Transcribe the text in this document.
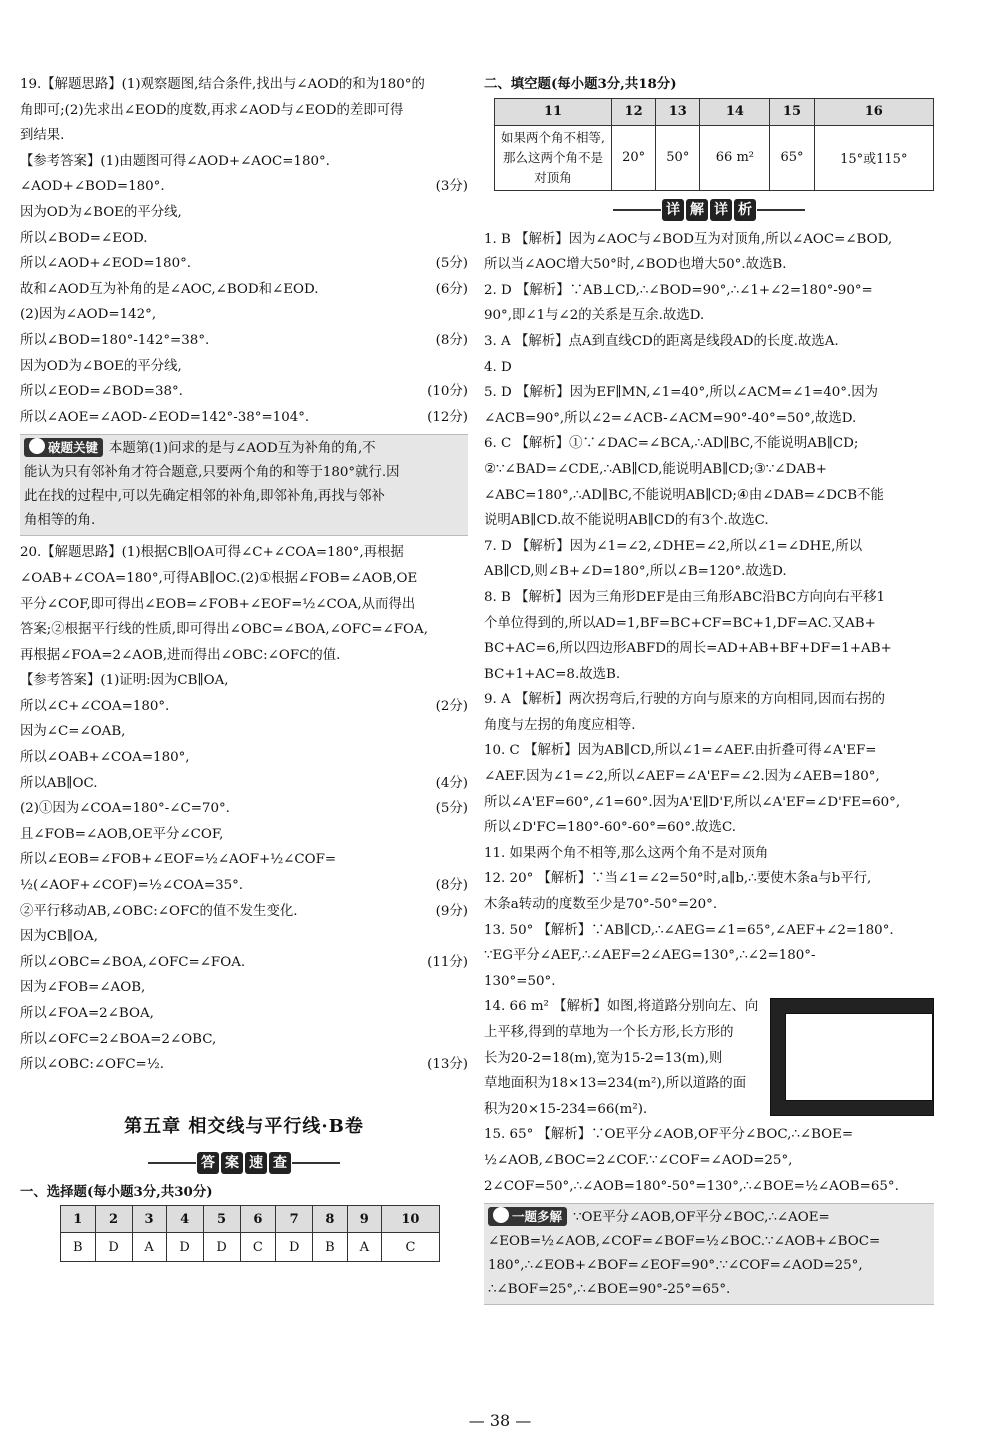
19.【解题思路】(1)观察题图,结合条件,找出与∠AOD的和为180°的
角即可;(2)先求出∠EOD的度数,再求∠AOD与∠EOD的差即可得
到结果.
【参考答案】(1)由题图可得∠AOD+∠AOC=180°.
∠AOD+∠BOD=180°.	(3分)
因为OD为∠BOE的平分线,
所以∠BOD=∠EOD.
所以∠AOD+∠EOD=180°.	(5分)
故和∠AOD互为补角的是∠AOC,∠BOD和∠EOD.	(6分)
(2)因为∠AOD=142°,
所以∠BOD=180°-142°=38°.	(8分)
因为OD为∠BOE的平分线,
所以∠EOD=∠BOD=38°.	(10分)
所以∠AOE=∠AOD-∠EOD=142°-38°=104°.	(12分)
破题关键 本题第(1)问求的是与∠AOD互为补角的角,不
能认为只有邻补角才符合题意,只要两个角的和等于180°就行.因
此在找的过程中,可以先确定相邻的补角,即邻补角,再找与邻补
角相等的角.
20.【解题思路】(1)根据CB∥OA可得∠C+∠COA=180°,再根据
∠OAB+∠COA=180°,可得AB∥OC.(2)①根据∠FOB=∠AOB,OE
平分∠COF,即可得出∠EOB=∠FOB+∠EOF=½∠COA,从而得出
答案;②根据平行线的性质,即可得出∠OBC=∠BOA,∠OFC=∠FOA,
再根据∠FOA=2∠AOB,进而得出∠OBC:∠OFC的值.
【参考答案】(1)证明:因为CB∥OA,
所以∠C+∠COA=180°.	(2分)
因为∠C=∠OAB,
所以∠OAB+∠COA=180°,
所以AB∥OC.	(4分)
(2)①因为∠COA=180°-∠C=70°.	(5分)
且∠FOB=∠AOB,OE平分∠COF,
所以∠EOB=∠FOB+∠EOF=½∠AOF+½∠COF=
½(∠AOF+∠COF)=½∠COA=35°.	(8分)
②平行移动AB,∠OBC:∠OFC的值不发生变化.	(9分)
因为CB∥OA,
所以∠OBC=∠BOA,∠OFC=∠FOA.	(11分)
因为∠FOB=∠AOB,
所以∠FOA=2∠BOA,
所以∠OFC=2∠BOA=2∠OBC,
所以∠OBC:∠OFC=½.	(13分)
第五章 相交线与平行线·B卷
答 案 速 查
一、选择题(每小题3分,共30分)
1	2	3	4	5	6	7	8	9	10
B	D	A	D	D	C	D	B	A	C
二、填空题(每小题3分,共18分)
11	12	13	14	15	16
如果两个角不相等,那么这两个角不是对顶角	20°	50°	66 m²	65°	15°或115°
详 解 详 析
1. B 【解析】因为∠AOC与∠BOD互为对顶角,所以∠AOC=∠BOD,
所以当∠AOC增大50°时,∠BOD也增大50°.故选B.
2. D 【解析】∵AB⊥CD,∴∠BOD=90°,∴∠1+∠2=180°-90°=
90°,即∠1与∠2的关系是互余.故选D.
3. A 【解析】点A到直线CD的距离是线段AD的长度.故选A.
4. D
5. D 【解析】因为EF∥MN,∠1=40°,所以∠ACM=∠1=40°.因为
∠ACB=90°,所以∠2=∠ACB-∠ACM=90°-40°=50°,故选D.
6. C 【解析】①∵∠DAC=∠BCA,∴AD∥BC,不能说明AB∥CD;
②∵∠BAD=∠CDE,∴AB∥CD,能说明AB∥CD;③∵∠DAB+
∠ABC=180°,∴AD∥BC,不能说明AB∥CD;④由∠DAB=∠DCB不能
说明AB∥CD.故不能说明AB∥CD的有3个.故选C.
7. D 【解析】因为∠1=∠2,∠DHE=∠2,所以∠1=∠DHE,所以
AB∥CD,则∠B+∠D=180°,所以∠B=120°.故选D.
8. B 【解析】因为三角形DEF是由三角形ABC沿BC方向向右平移1
个单位得到的,所以AD=1,BF=BC+CF=BC+1,DF=AC.又AB+
BC+AC=6,所以四边形ABFD的周长=AD+AB+BF+DF=1+AB+
BC+1+AC=8.故选B.
9. A 【解析】两次拐弯后,行驶的方向与原来的方向相同,因而右拐的
角度与左拐的角度应相等.
10. C 【解析】因为AB∥CD,所以∠1=∠AEF.由折叠可得∠A'EF=
∠AEF.因为∠1=∠2,所以∠AEF=∠A'EF=∠2.因为∠AEB=180°,
所以∠A'EF=60°,∠1=60°.因为A'E∥D'F,所以∠A'EF=∠D'FE=60°,
所以∠D'FC=180°-60°-60°=60°.故选C.
11. 如果两个角不相等,那么这两个角不是对顶角
12. 20° 【解析】∵当∠1=∠2=50°时,a∥b,∴要使木条a与b平行,
木条a转动的度数至少是70°-50°=20°.
13. 50° 【解析】∵AB∥CD,∴∠AEG=∠1=65°,∠AEF+∠2=180°.
∵EG平分∠AEF,∴∠AEF=2∠AEG=130°,∴∠2=180°-
130°=50°.
14. 66 m² 【解析】如图,将道路分别向左、向
上平移,得到的草地为一个长方形,长方形的
长为20-2=18(m),宽为15-2=13(m),则
草地面积为18×13=234(m²),所以道路的面
积为20×15-234=66(m²).
15. 65° 【解析】∵OE平分∠AOB,OF平分∠BOC,∴∠BOE=
½∠AOB,∠BOC=2∠COF.∵∠COF=∠AOD=25°,
2∠COF=50°,∴∠AOB=180°-50°=130°,∴∠BOE=½∠AOB=65°.
一题多解 ∵OE平分∠AOB,OF平分∠BOC,∴∠AOE=
∠EOB=½∠AOB,∠COF=∠BOF=½∠BOC.∵∠AOB+∠BOC=
180°,∴∠EOB+∠BOF=∠EOF=90°.∵∠COF=∠AOD=25°,
∴∠BOF=25°,∴∠BOE=90°-25°=65°.
— 38 —
